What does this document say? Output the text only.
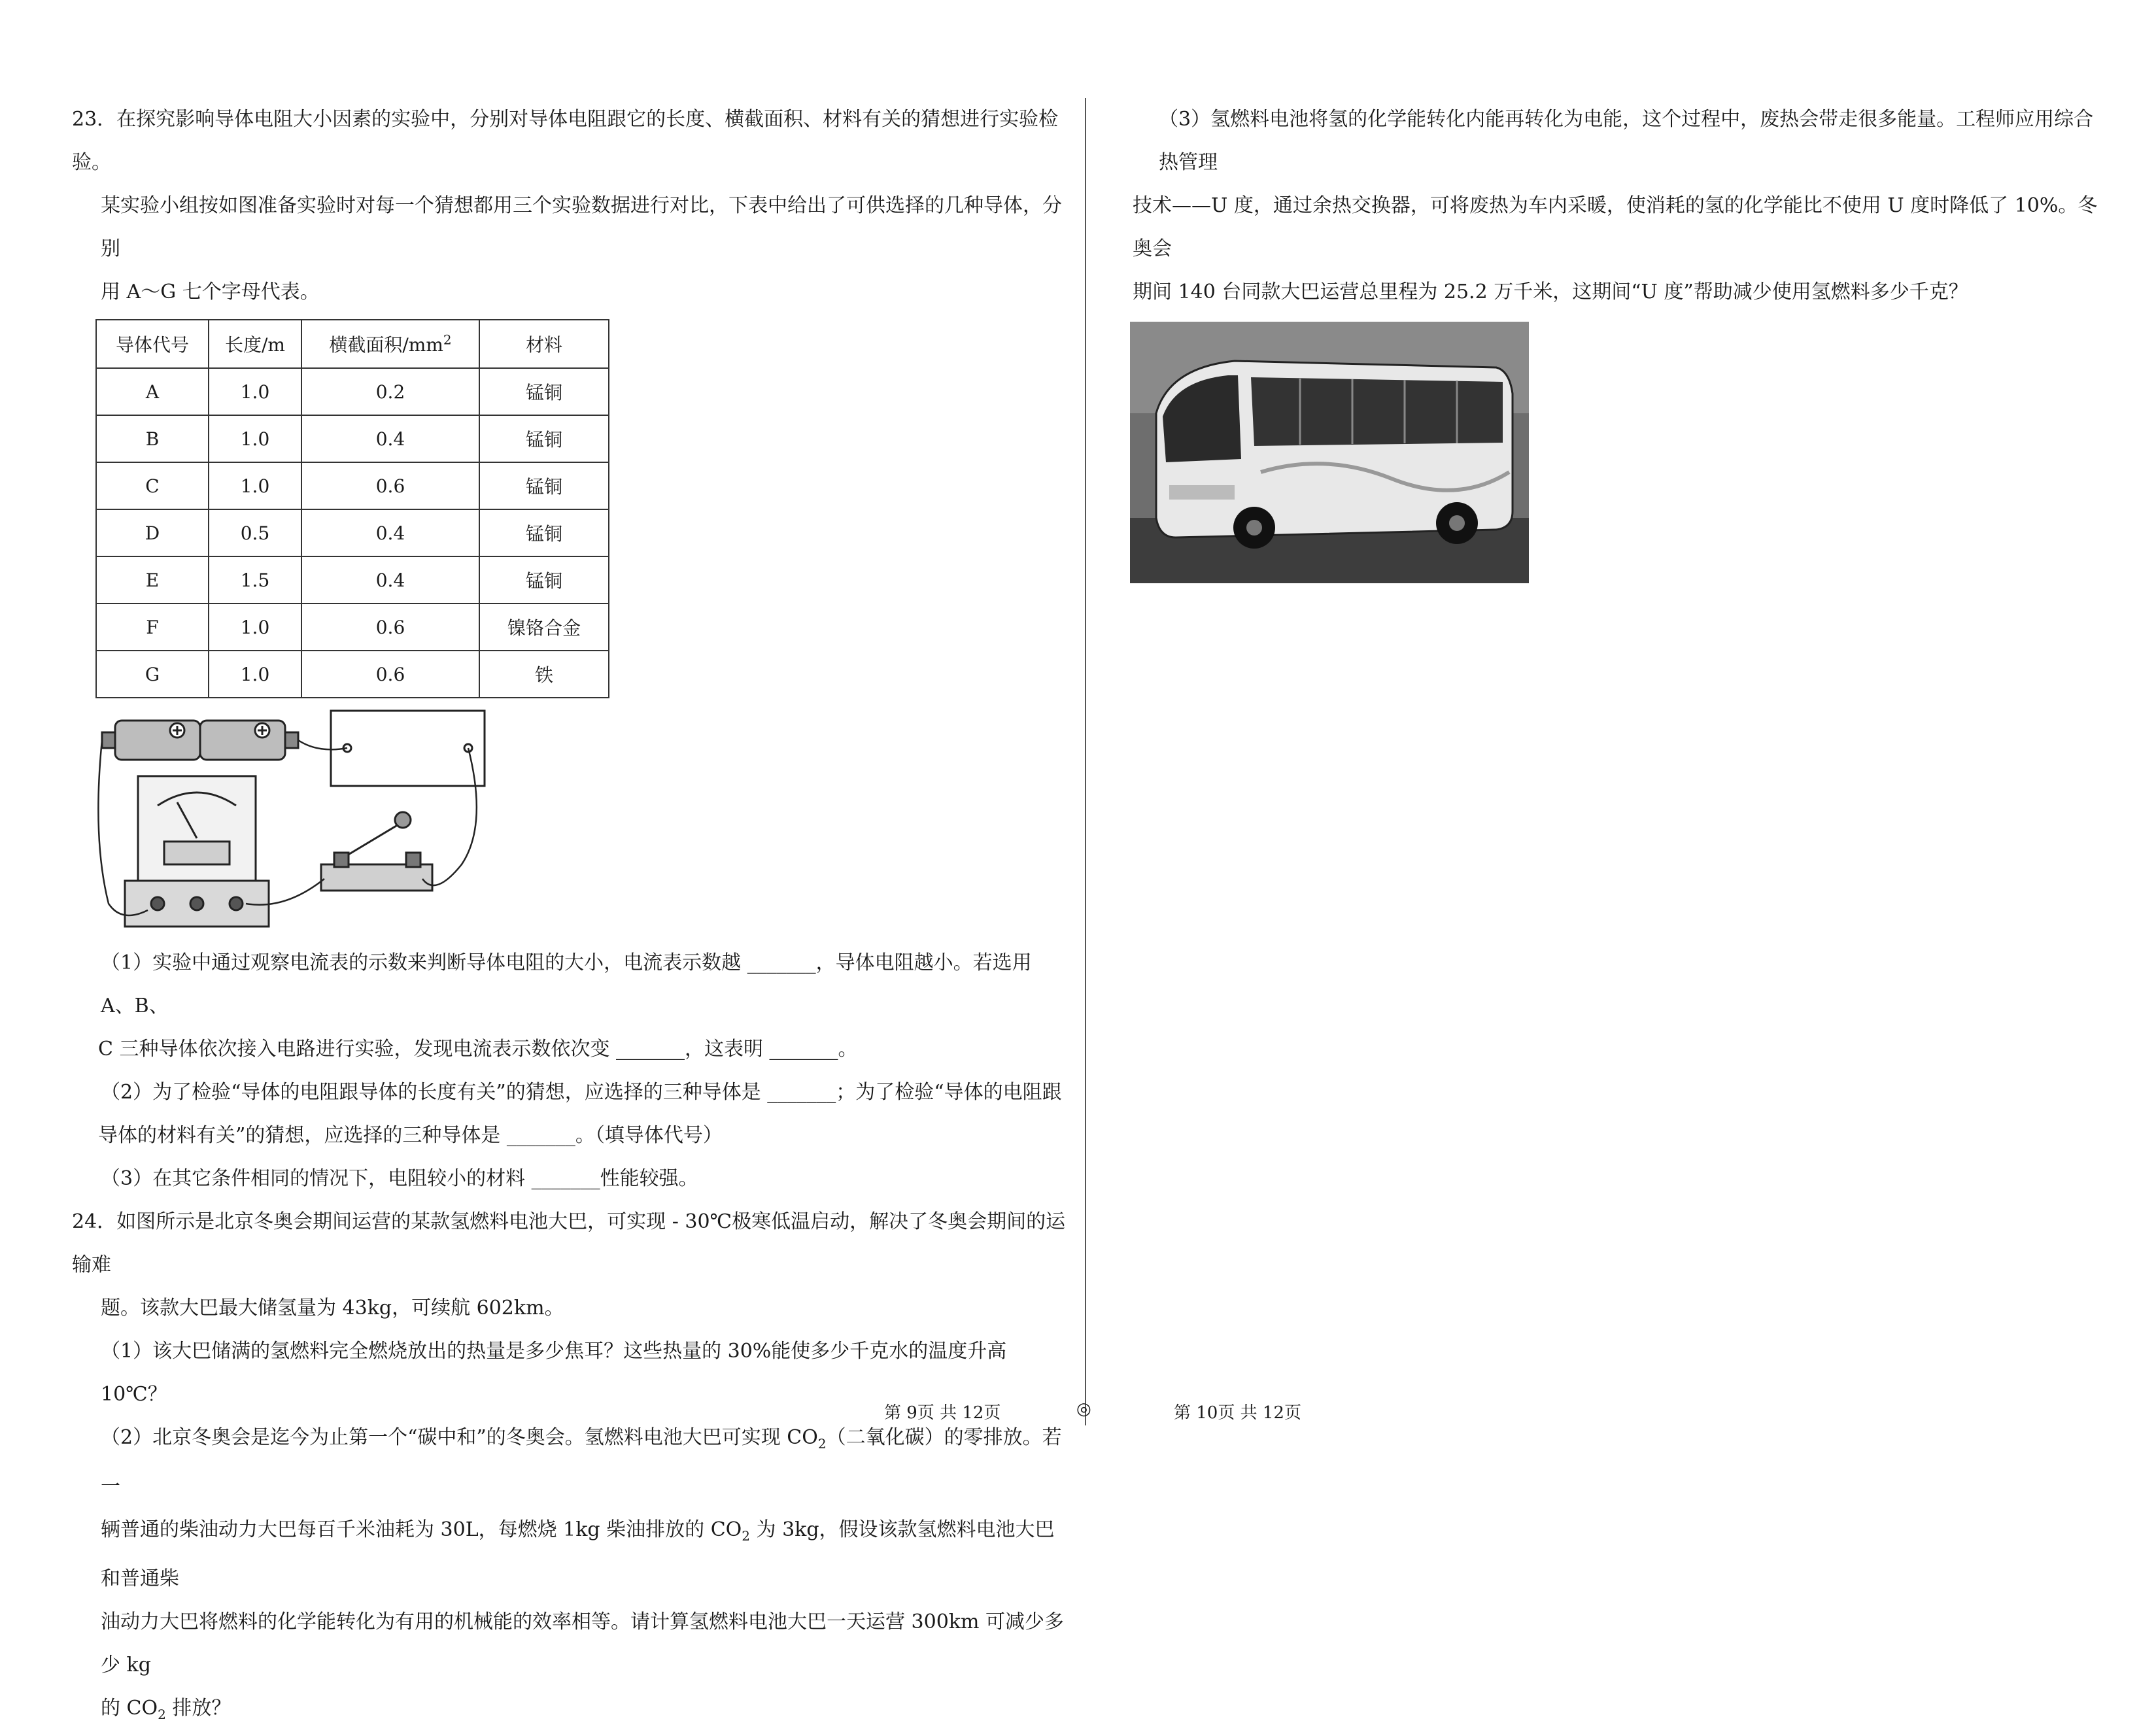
23．在探究影响导体电阻大小因素的实验中，分别对导体电阻跟它的长度、横截面积、材料有关的猜想进行实验检验。

某实验小组按如图准备实验时对每一个猜想都用三个实验数据进行对比，下表中给出了可供选择的几种导体，分别

用 A～G 七个字母代表。

导体代号	长度/m	横截面积$/mm^2$	材料
A	1.0	0.2	锰铜
B	1.0	0.4	锰铜
C	1.0	0.6	锰铜
D	0.5	0.4	锰铜
E	1.5	0.4	锰铜
F	1.0	0.6	镍铬合金
G	1.0	0.6	铁

（1）实验中通过观察电流表的示数来判断导体电阻的大小，电流表示数越 _______，导体电阻越小。若选用 A、B、

C 三种导体依次接入电路进行实验，发现电流表示数依次变 _______，这表明 _______。

（2）为了检验“导体的电阻跟导体的长度有关”的猜想，应选择的三种导体是 _______；为了检验“导体的电阻跟

导体的材料有关”的猜想，应选择的三种导体是 _______。（填导体代号）

（3）在其它条件相同的情况下，电阻较小的材料 _______性能较强。

24．如图所示是北京冬奥会期间运营的某款氢燃料电池大巴，可实现 - 30℃极寒低温启动，解决了冬奥会期间的运输难

题。该款大巴最大储氢量为 43kg，可续航 602km。

（1）该大巴储满的氢燃料完全燃烧放出的热量是多少焦耳？这些热量的 30%能使多少千克水的温度升高 10℃？

（2）北京冬奥会是迄今为止第一个“碳中和”的冬奥会。氢燃料电池大巴可实现 $CO_2$（二氧化碳）的零排放。若一

辆普通的柴油动力大巴每百千米油耗为 30L，每燃烧 1kg 柴油排放的 $CO_2$ 为 3kg，假设该款氢燃料电池大巴和普通柴

油动力大巴将燃料的化学能转化为有用的机械能的效率相等。请计算氢燃料电池大巴一天运营 300km 可减少多少 kg

的 $CO_2$ 排放？

（3）氢燃料电池将氢的化学能转化内能再转化为电能，这个过程中，废热会带走很多能量。工程师应用综合热管理

技术——U 度，通过余热交换器，可将废热为车内采暖，使消耗的氢的化学能比不使用 U 度时降低了 10%。冬奥会

期间 140 台同款大巴运营总里程为 25.2 万千米，这期间“U 度”帮助减少使用氢燃料多少千克？

第 9页 共 12页	◎	第 10页 共 12页
